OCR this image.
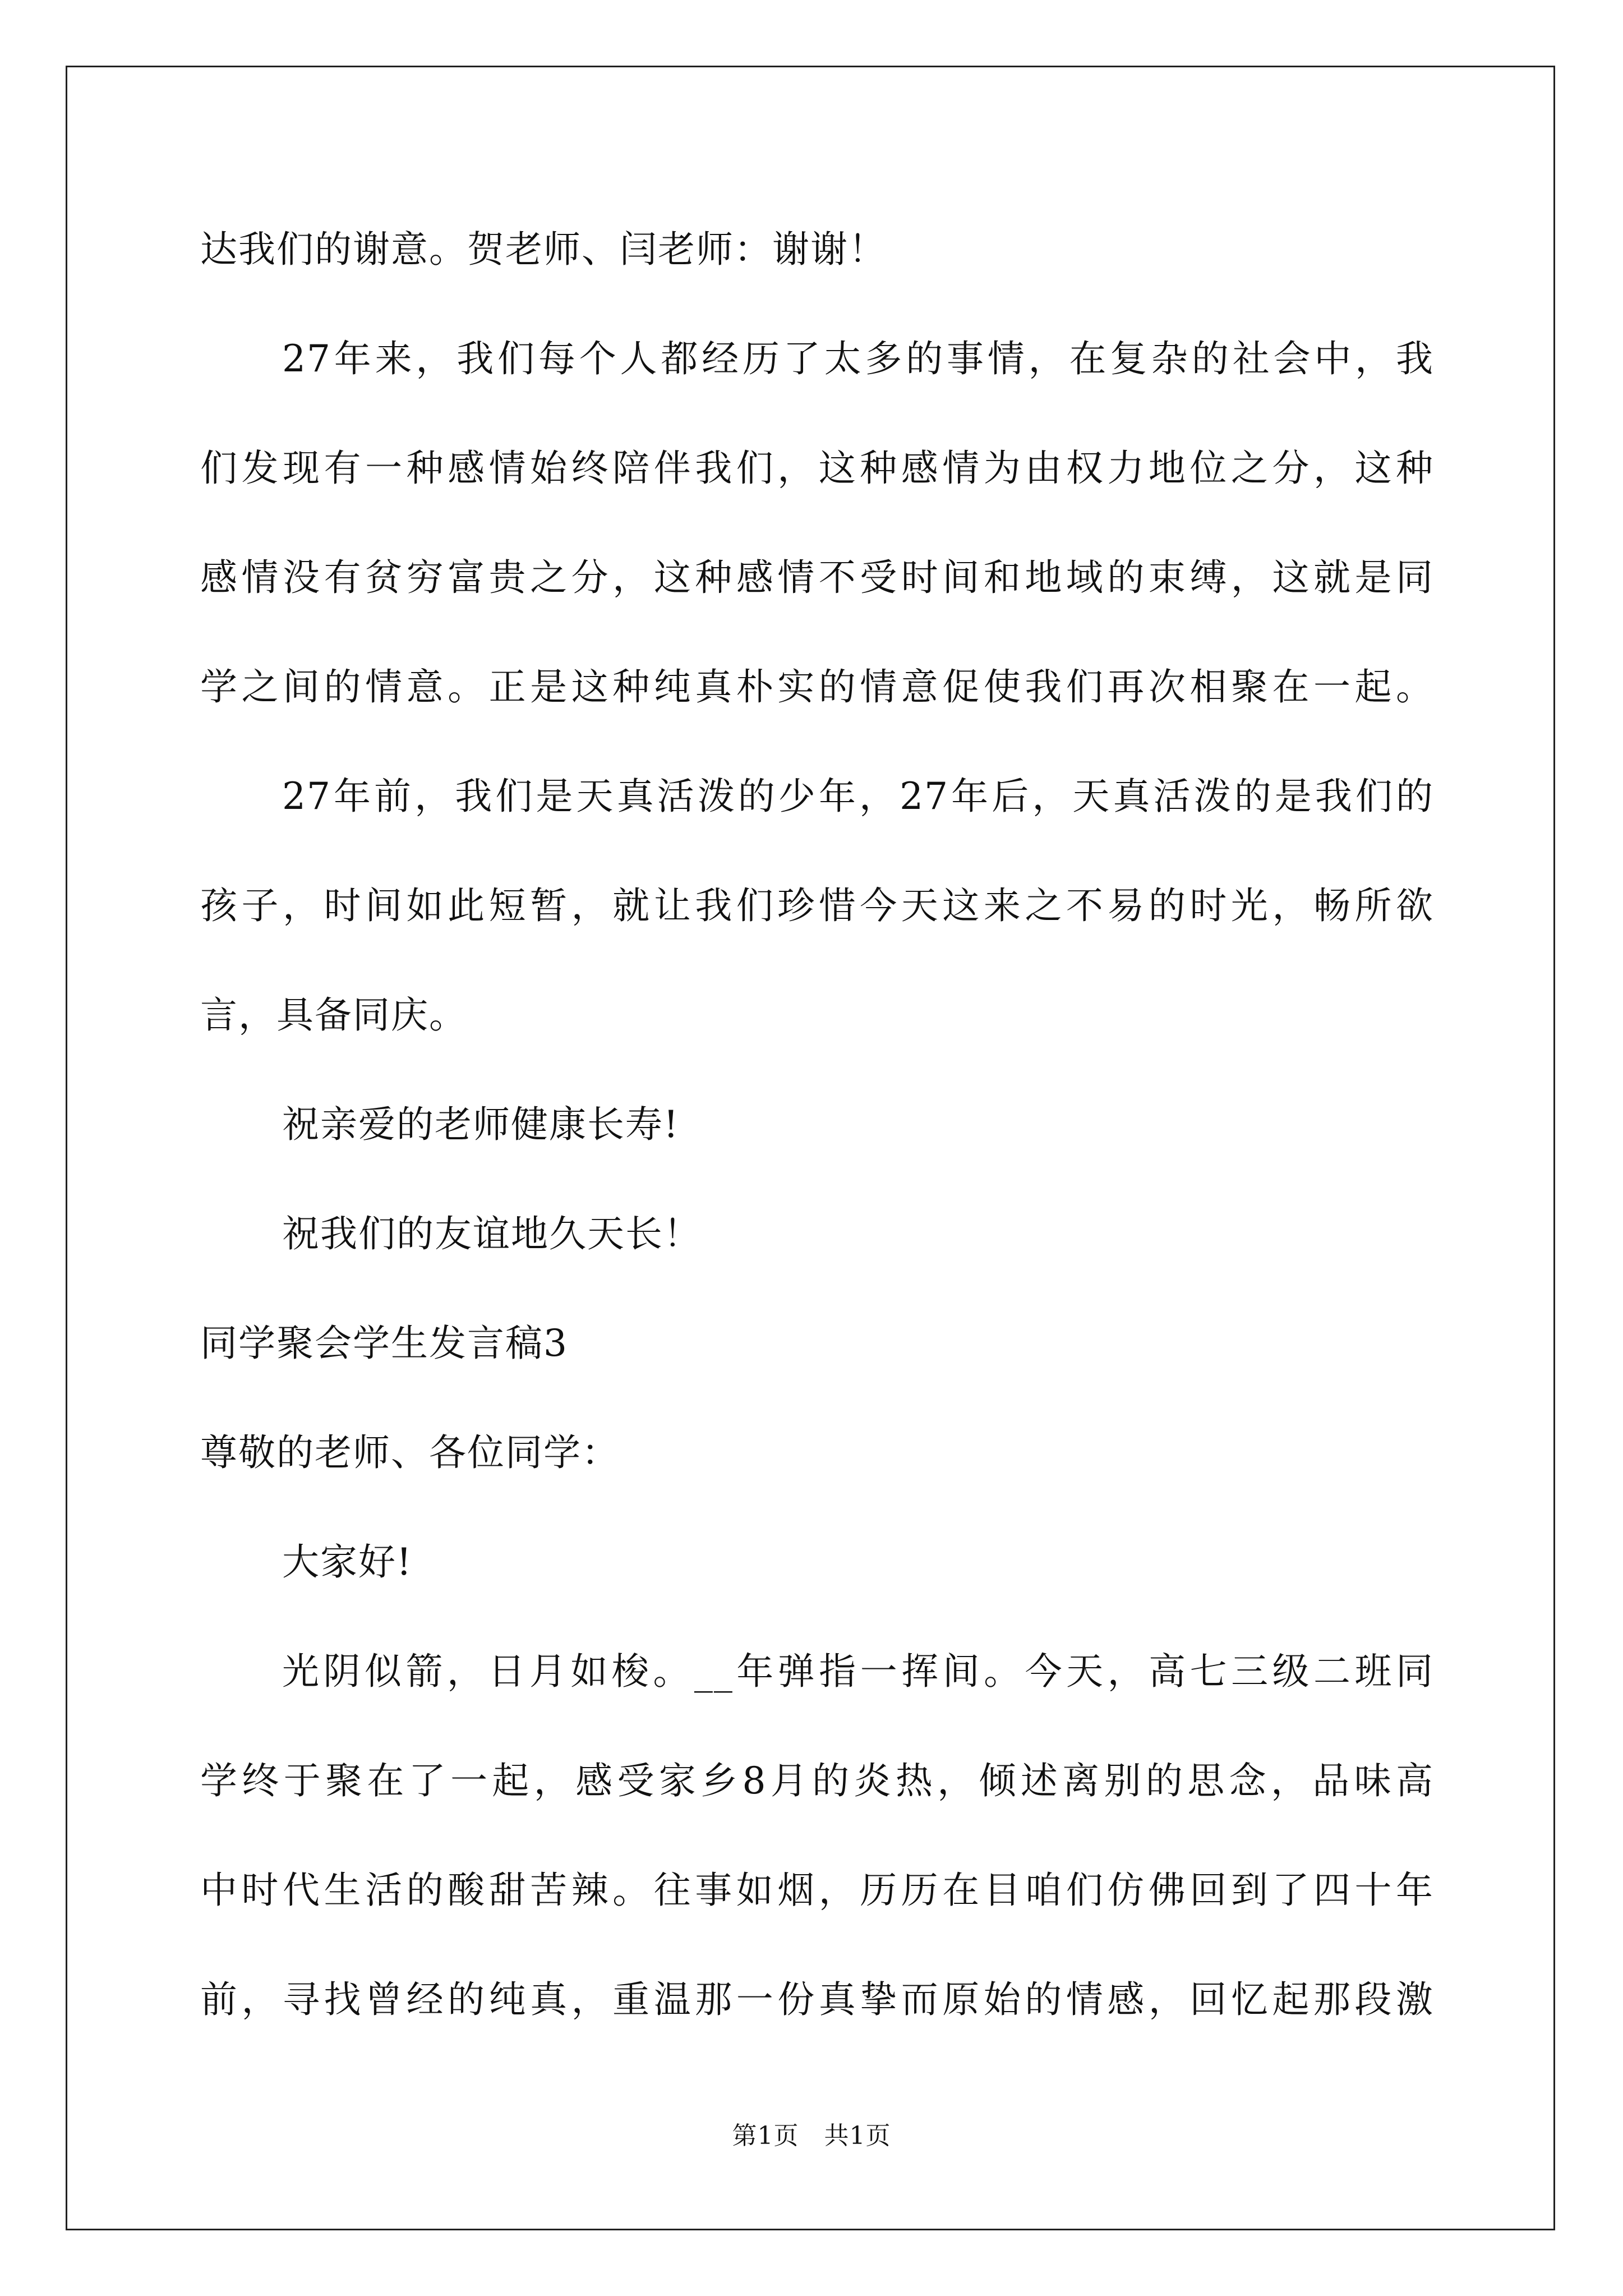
达我们的谢意。贺老师、闫老师：谢谢！
27年来，我们每个人都经历了太多的事情，在复杂的社会中，我
们发现有一种感情始终陪伴我们，这种感情为由权力地位之分，这种
感情没有贫穷富贵之分，这种感情不受时间和地域的束缚，这就是同
学之间的情意。正是这种纯真朴实的情意促使我们再次相聚在一起。
27年前，我们是天真活泼的少年，27年后，天真活泼的是我们的
孩子，时间如此短暂，就让我们珍惜今天这来之不易的时光，畅所欲
言，具备同庆。
祝亲爱的老师健康长寿!
祝我们的友谊地久天长！
同学聚会学生发言稿3
尊敬的老师、各位同学：
大家好!
光阴似箭，日月如梭。__年弹指一挥间。今天，高七三级二班同
学终于聚在了一起，感受家乡8月的炎热，倾述离别的思念，品味高
中时代生活的酸甜苦辣。往事如烟，历历在目咱们仿佛回到了四十年
前，寻找曾经的纯真，重温那一份真挚而原始的情感，回忆起那段激
第1页　共1页
